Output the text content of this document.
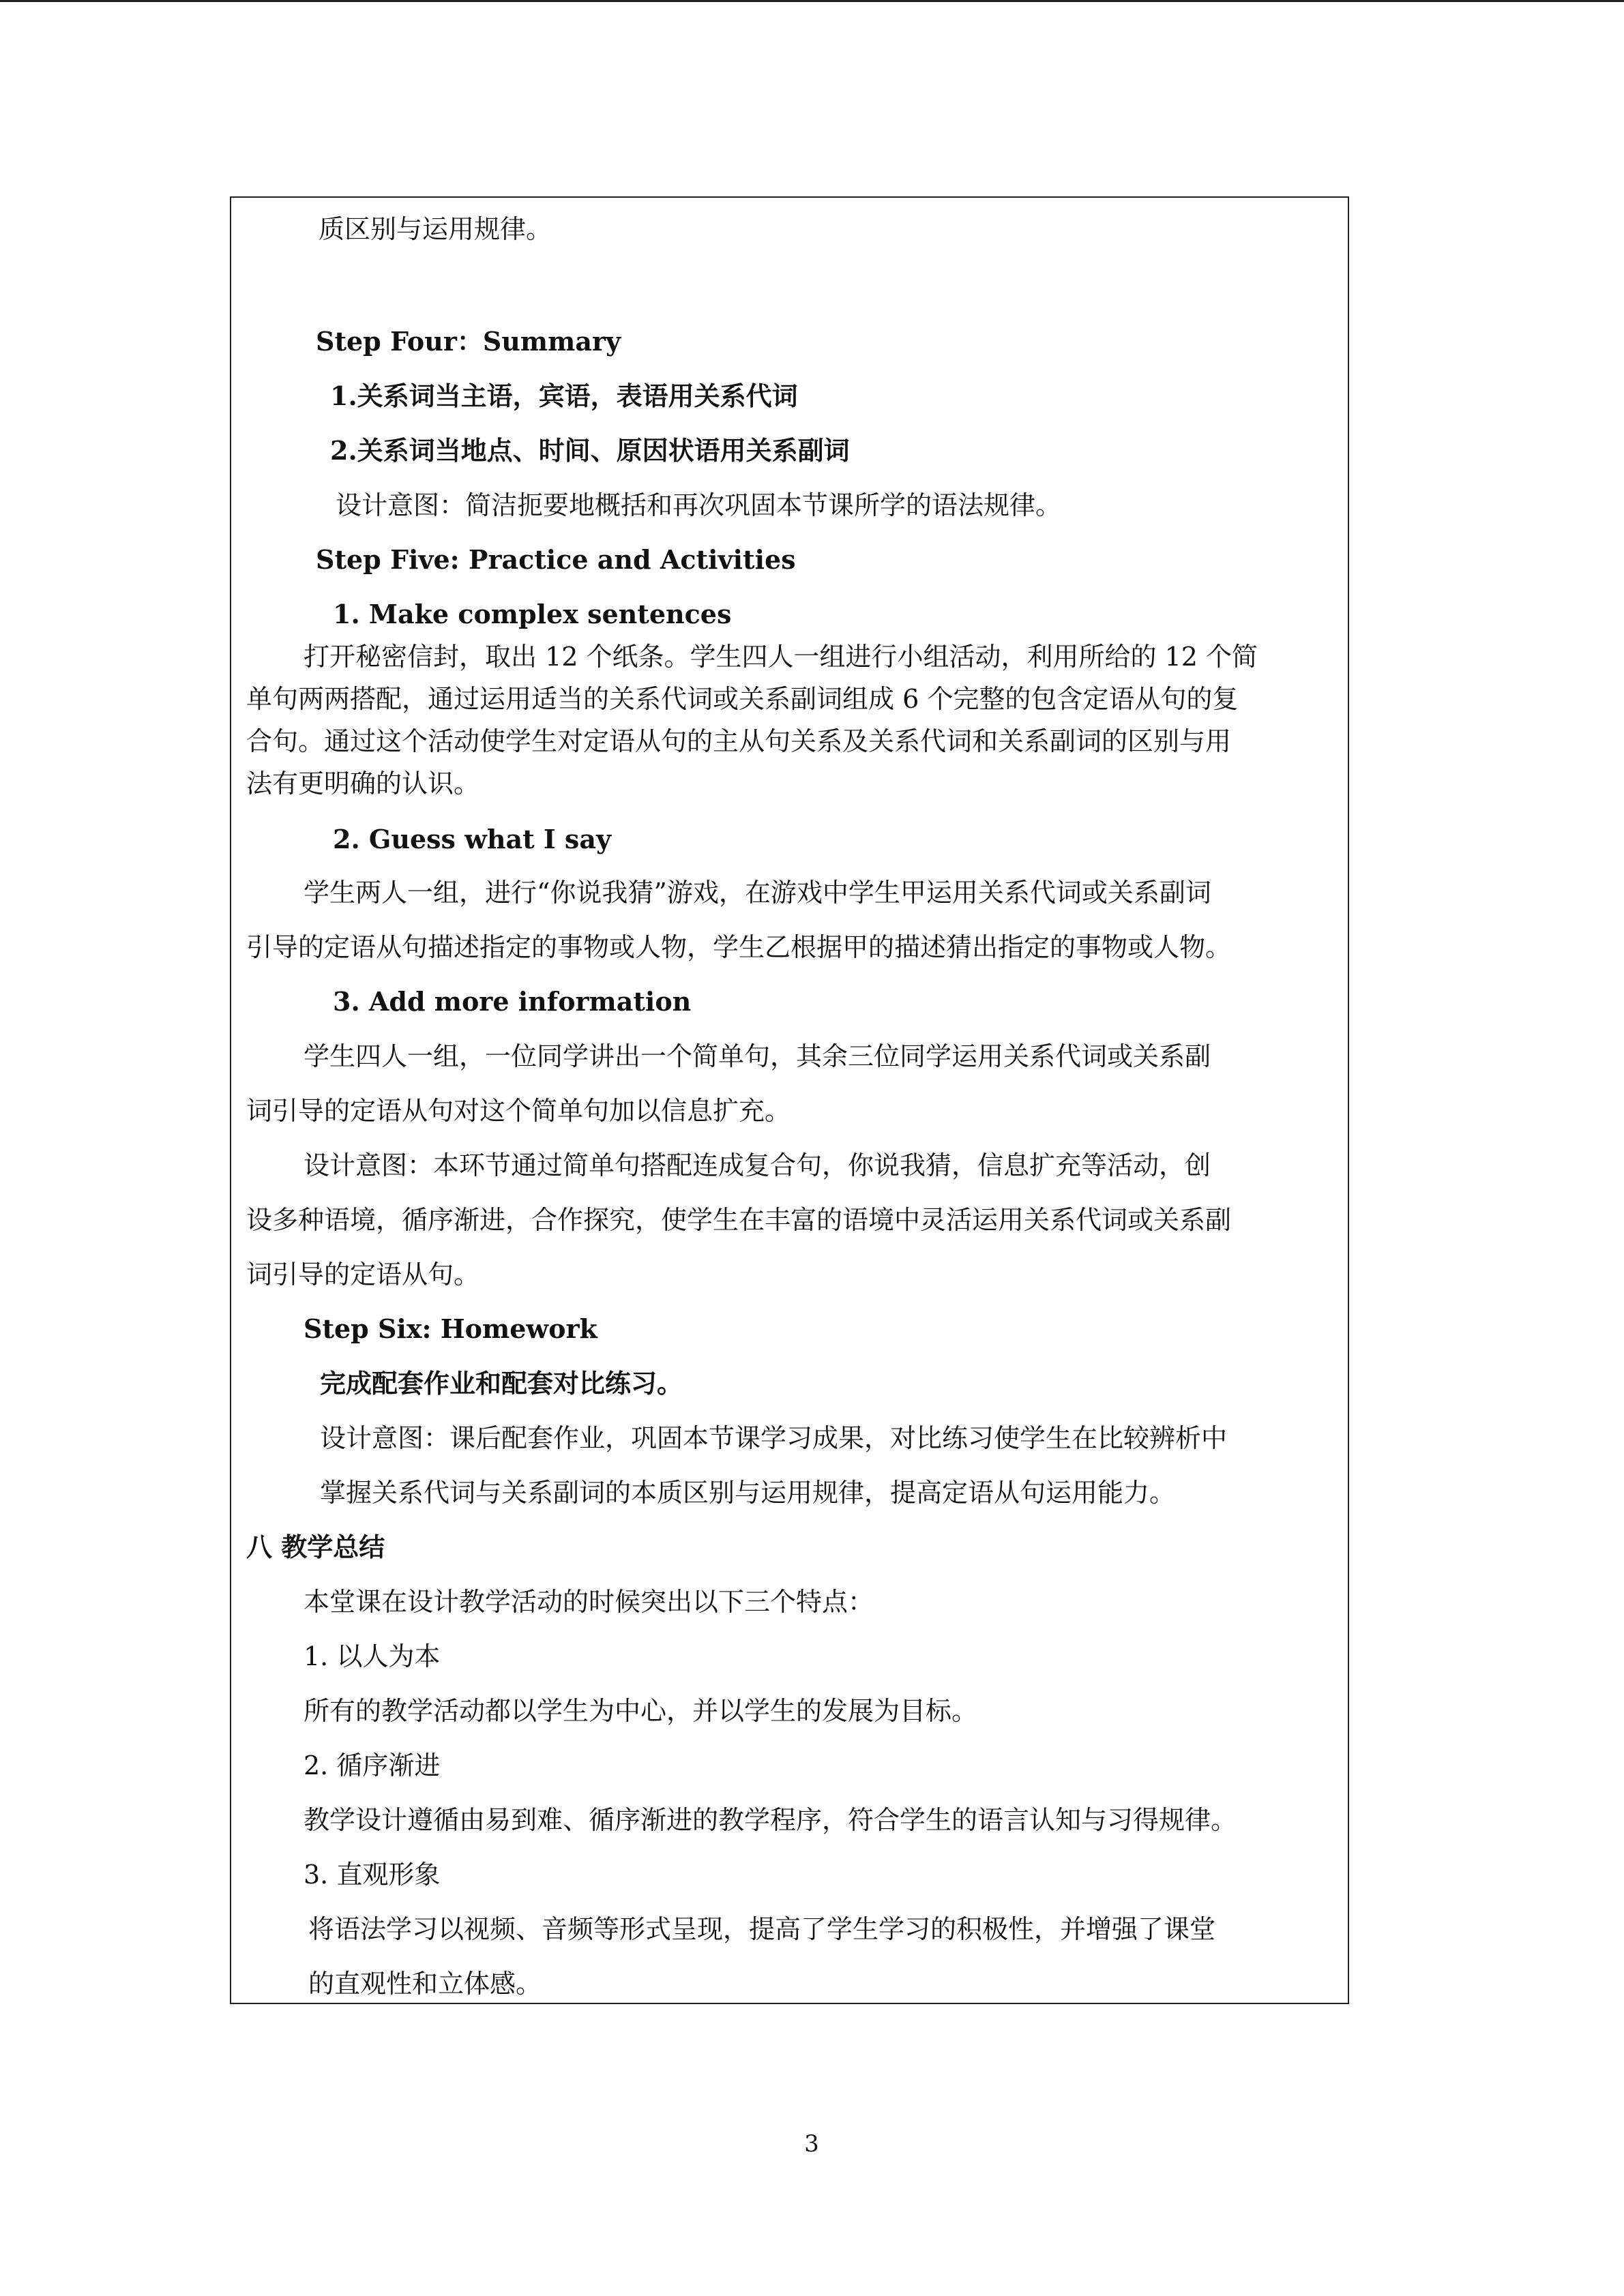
质区别与运用规律。
Step Four：Summary
1.关系词当主语，宾语，表语用关系代词
2.关系词当地点、时间、原因状语用关系副词
设计意图：简洁扼要地概括和再次巩固本节课所学的语法规律。
Step Five: Practice and Activities
1. Make complex sentences
打开秘密信封，取出 12 个纸条。学生四人一组进行小组活动，利用所给的 12 个简
单句两两搭配，通过运用适当的关系代词或关系副词组成 6 个完整的包含定语从句的复
合句。通过这个活动使学生对定语从句的主从句关系及关系代词和关系副词的区别与用
法有更明确的认识。
2. Guess what I say
学生两人一组，进行“你说我猜”游戏，在游戏中学生甲运用关系代词或关系副词
引导的定语从句描述指定的事物或人物，学生乙根据甲的描述猜出指定的事物或人物。
3. Add more information
学生四人一组，一位同学讲出一个简单句，其余三位同学运用关系代词或关系副
词引导的定语从句对这个简单句加以信息扩充。
设计意图：本环节通过简单句搭配连成复合句，你说我猜，信息扩充等活动，创
设多种语境，循序渐进，合作探究，使学生在丰富的语境中灵活运用关系代词或关系副
词引导的定语从句。
Step Six: Homework
完成配套作业和配套对比练习。
设计意图：课后配套作业，巩固本节课学习成果，对比练习使学生在比较辨析中
掌握关系代词与关系副词的本质区别与运用规律，提高定语从句运用能力。
八 教学总结
本堂课在设计教学活动的时候突出以下三个特点：
1. 以人为本
所有的教学活动都以学生为中心，并以学生的发展为目标。
2. 循序渐进
教学设计遵循由易到难、循序渐进的教学程序，符合学生的语言认知与习得规律。
3. 直观形象
将语法学习以视频、音频等形式呈现，提高了学生学习的积极性，并增强了课堂
的直观性和立体感。
3
